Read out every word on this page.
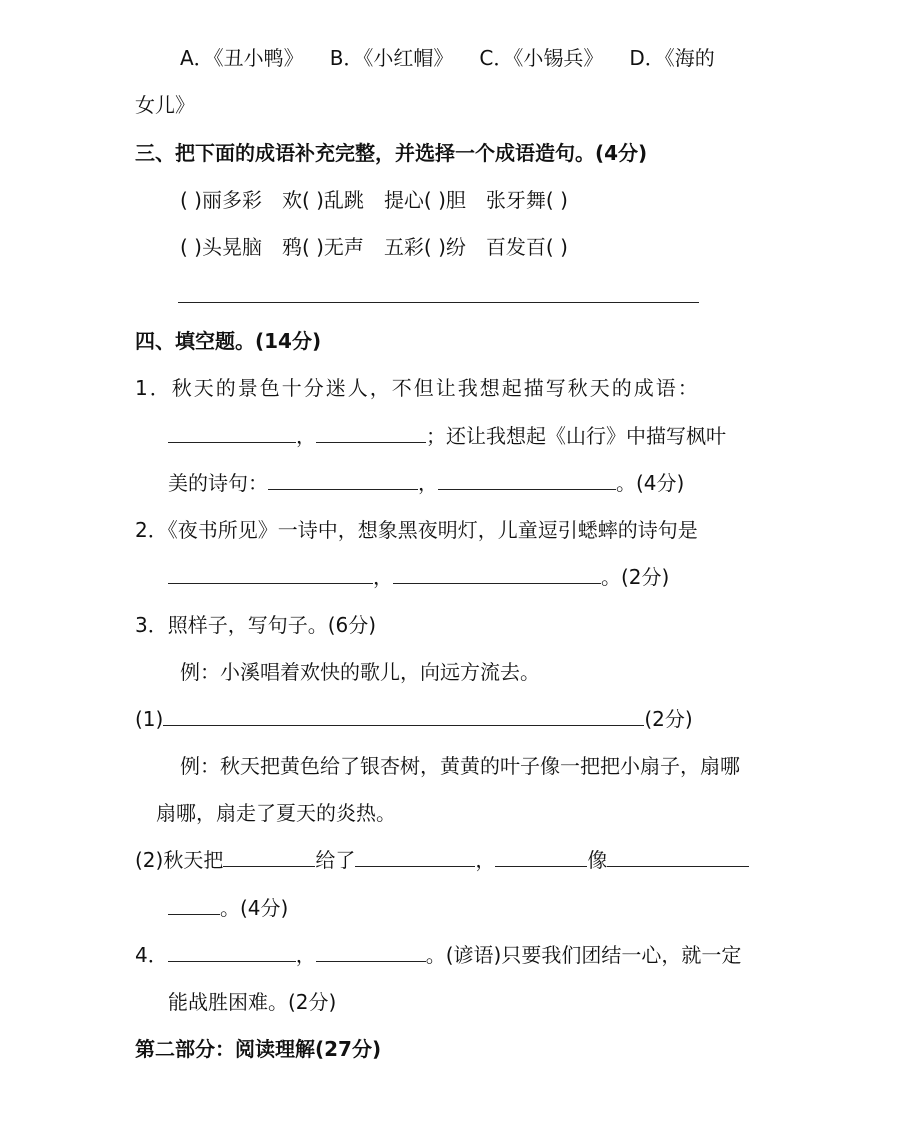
A．《丑小鸭》 B．《小红帽》 C．《小锡兵》 D．《海的
女儿》
三、把下面的成语补充完整，并选择一个成语造句。(4分)
( )丽多彩 欢( )乱跳 提心( )胆 张牙舞( )
( )头晃脑 鸦( )无声 五彩( )纷 百发百( )
四、填空题。(14分)
1．秋天的景色十分迷人，不但让我想起描写秋天的成语：
，	；还让我想起《山行》中描写枫叶
美的诗句：	，	。(4分)
2．《夜书所见》一诗中，想象黑夜明灯，儿童逗引蟋蟀的诗句是
，	。(2分)
3．照样子，写句子。(6分)
例：小溪唱着欢快的歌儿，向远方流去。
(1)	(2分)
例：秋天把黄色给了银杏树，黄黄的叶子像一把把小扇子，扇哪
扇哪，扇走了夏天的炎热。
(2)秋天把	给了	，	像
。(4分)
4．	，	。(谚语)只要我们团结一心，就一定
能战胜困难。(2分)
第二部分：阅读理解(27分)
